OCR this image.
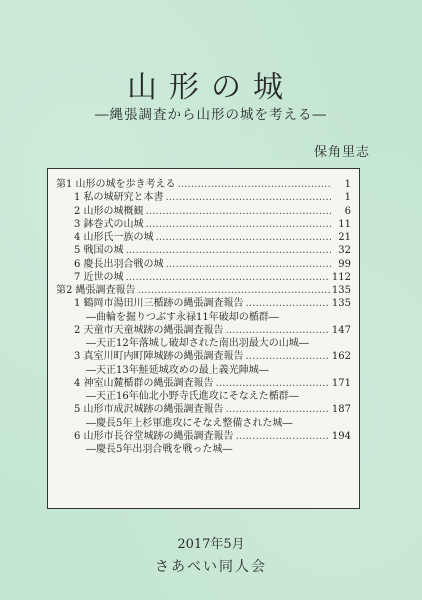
山形の城
―縄張調査から山形の城を考える―
保角里志
第1 山形の城を歩き考える ………………………………………………………………………………………………………………	1
1 私の城研究と本書 ………………………………………………………………………………………………………………	1
2 山形の城概観 ………………………………………………………………………………………………………………	6
3 鉢巻式の山城 ………………………………………………………………………………………………………………	11
4 山形氏一族の城 ………………………………………………………………………………………………………………	21
5 戦国の城 ………………………………………………………………………………………………………………	32
6 慶長出羽合戦の城 ………………………………………………………………………………………………………………	99
7 近世の城 ………………………………………………………………………………………………………………	112
第2 縄張調査報告 ………………………………………………………………………………………………………………	135
1 鶴岡市湯田川三楯跡の縄張調査報告 ………………………………………………………………………………………………………………	135
―曲輪を掘りつぶす永禄11年破却の楯群―
2 天童市天童城跡の縄張調査報告 ………………………………………………………………………………………………………………	147
―天正12年落城し破却された南出羽最大の山城―
3 真室川町内町陣城跡の縄張調査報告 ………………………………………………………………………………………………………………	162
―天正13年鮭延城攻めの最上義光陣城―
4 神室山麓楯群の縄張調査報告 ………………………………………………………………………………………………………………	171
―天正16年仙北小野寺氏進攻にそなえた楯群―
5 山形市成沢城跡の縄張調査報告 ………………………………………………………………………………………………………………	187
―慶長5年上杉軍進攻にそなえ整備された城―
6 山形市長谷堂城跡の縄張調査報告 ………………………………………………………………………………………………………………	194
―慶長5年出羽合戦を戦った城―
2017年5月
さあべい同人会
